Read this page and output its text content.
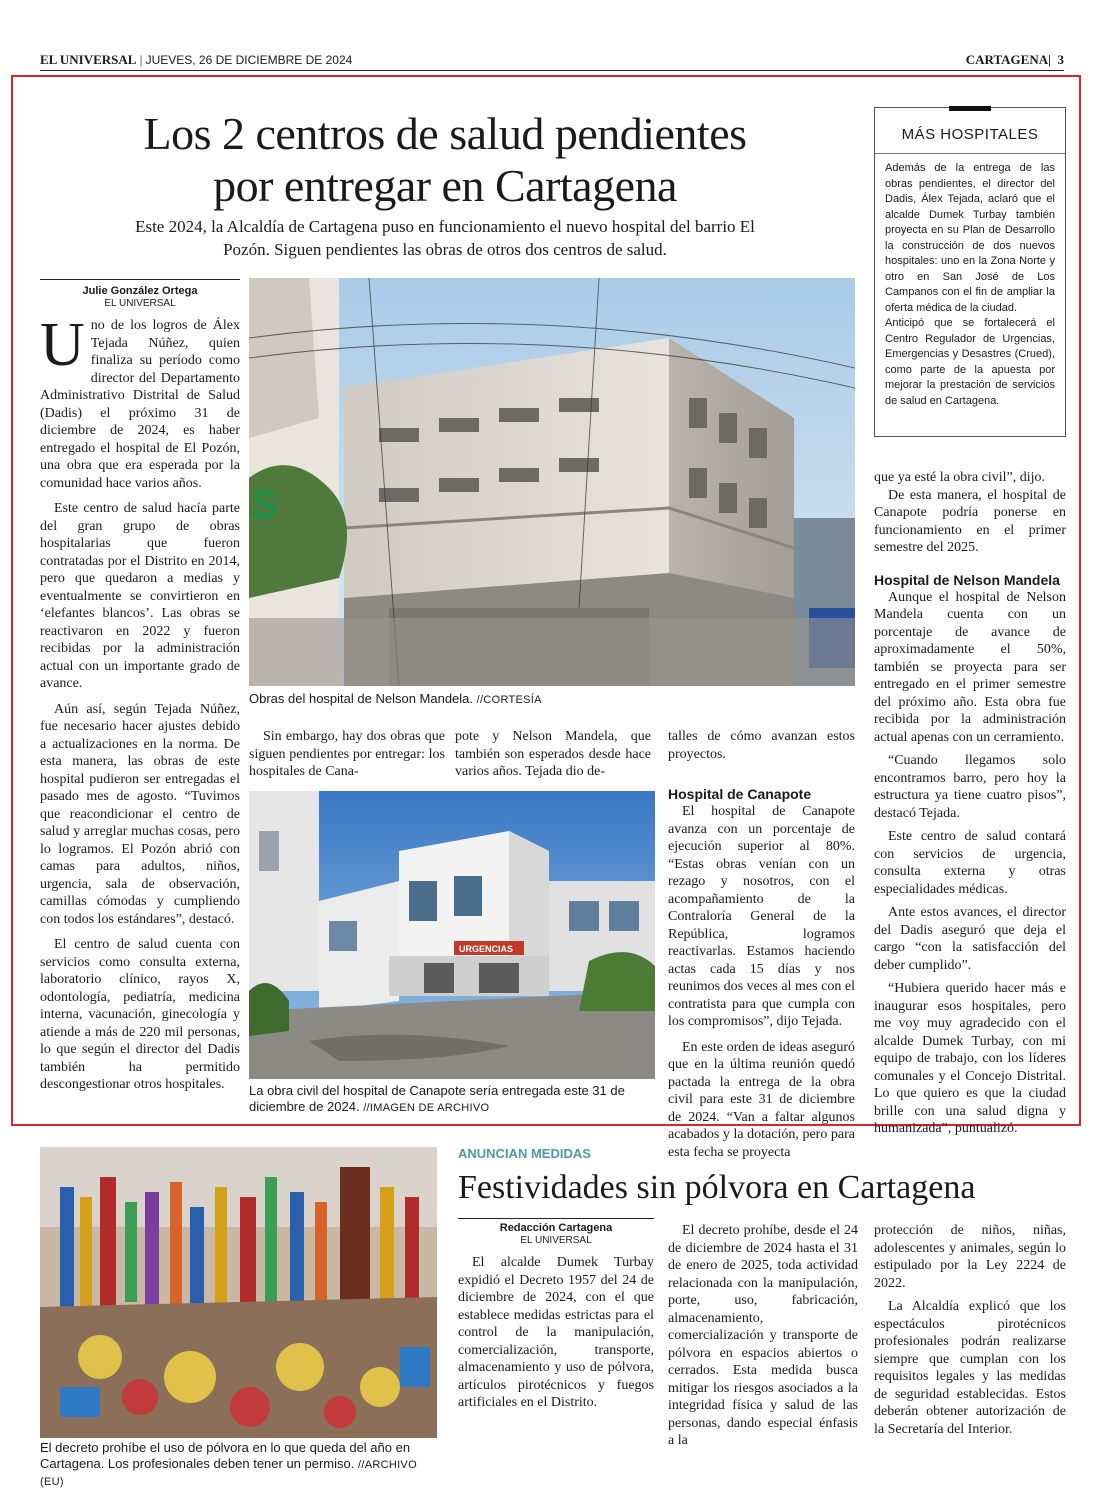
EL UNIVERSAL | JUEVES, 26 DE DICIEMBRE DE 2024	CARTAGENA|  3
Los 2 centros de salud pendientes
por entregar en Cartagena
Este 2024, la Alcaldía de Cartagena puso en funcionamiento el nuevo hospital del barrio El Pozón. Siguen pendientes las obras de otros dos centros de salud.
Julie González Ortega
EL UNIVERSAL

Uno de los logros de Álex Tejada Núñez, quien finaliza su período como director del Departamento Administrativo Distrital de Salud (Dadis) el próximo 31 de diciembre de 2024, es haber entregado el hospital de El Pozón, una obra que era esperada por la comunidad hace varios años.

Este centro de salud hacía parte del gran grupo de obras hospitalarias que fueron contratadas por el Distrito en 2014, pero que quedaron a medias y eventualmente se convirtieron en ‘elefantes blancos’. Las obras se reactivaron en 2022 y fueron recibidas por la administración actual con un importante grado de avance.

Aún así, según Tejada Núñez, fue necesario hacer ajustes debido a actualizaciones en la norma. De esta manera, las obras de este hospital pudieron ser entregadas el pasado mes de agosto. “Tuvimos que reacondicionar el centro de salud y arreglar muchas cosas, pero lo logramos. El Pozón abrió con camas para adultos, niños, urgencia, sala de observación, camillas cómodas y cumpliendo con todos los estándares”, destacó.

El centro de salud cuenta con servicios como consulta externa, laboratorio clínico, rayos X, odontología, pediatría, medicina interna, vacunación, ginecología y atiende a más de 220 mil personas, lo que según el director del Dadis también ha permitido descongestionar otros hospitales.

S
Obras del hospital de Nelson Mandela. //CORTESÍA

Sin embargo, hay dos obras que siguen pendientes por entregar: los hospitales de Cana-

pote y Nelson Mandela, que también son esperados desde hace varios años. Tejada dio de-

URGENCIAS
La obra civil del hospital de Canapote sería entregada este 31 de diciembre de 2024. //IMAGEN DE ARCHIVO

talles de cómo avanzan estos proyectos.

Hospital de Canapote

El hospital de Canapote avanza con un porcentaje de ejecución superior al 80%. “Estas obras venían con un rezago y nosotros, con el acompañamiento de la Contraloría General de la República, logramos reactivarlas. Estamos haciendo actas cada 15 días y nos reunimos dos veces al mes con el contratista para que cumpla con los compromisos”, dijo Tejada.

En este orden de ideas aseguró que en la última reunión quedó pactada la entrega de la obra civil para este 31 de diciembre de 2024. “Van a faltar algunos acabados y la dotación, pero para esta fecha se proyecta

MÁS HOSPITALES

Además de la entrega de las obras pendientes, el director del Dadis, Álex Tejada, aclaró que el alcalde Dumek Turbay también proyecta en su Plan de Desarrollo la construcción de dos nuevos hospitales: uno en la Zona Norte y otro en San José de Los Campanos con el fin de ampliar la oferta médica de la ciudad.

Anticipó que se fortalecerá el Centro Regulador de Urgencias, Emergencias y Desastres (Crued), como parte de la apuesta por mejorar la prestación de servicios de salud en Cartagena.

que ya esté la obra civil”, dijo.

De esta manera, el hospital de Canapote podría ponerse en funcionamiento en el primer semestre del 2025.

Hospital de Nelson Mandela

Aunque el hospital de Nelson Mandela cuenta con un porcentaje de avance de aproximadamente el 50%, también se proyecta para ser entregado en el primer semestre del próximo año. Esta obra fue recibida por la administración actual apenas con un cerramiento.

“Cuando llegamos solo encontramos barro, pero hoy la estructura ya tiene cuatro pisos”, destacó Tejada.

Este centro de salud contará con servicios de urgencia, consulta externa y otras especialidades médicas.

Ante estos avances, el director del Dadis aseguró que deja el cargo “con la satisfacción del deber cumplido”.

“Hubiera querido hacer más e inaugurar esos hospitales, pero me voy muy agradecido con el alcalde Dumek Turbay, con mi equipo de trabajo, con los líderes comunales y el Concejo Distrital. Lo que quiero es que la ciudad brille con una salud digna y humanizada”, puntualizó.

El decreto prohíbe el uso de pólvora en lo que queda del año en Cartagena. Los profesionales deben tener un permiso. //ARCHIVO (EU)
ANUNCIAN MEDIDAS
Festividades sin pólvora en Cartagena
Redacción Cartagena
EL UNIVERSAL

El alcalde Dumek Turbay expidió el Decreto 1957 del 24 de diciembre de 2024, con el que establece medidas estrictas para el control de la manipulación, comercialización, transporte, almacenamiento y uso de pólvora, artículos pirotécnicos y fuegos artificiales en el Distrito.

El decreto prohíbe, desde el 24 de diciembre de 2024 hasta el 31 de enero de 2025, toda actividad relacionada con la manipulación, porte, uso, fabricación, almacenamiento, comercialización y transporte de pólvora en espacios abiertos o cerrados. Esta medida busca mitigar los riesgos asociados a la integridad física y salud de las personas, dando especial énfasis a la

protección de niños, niñas, adolescentes y animales, según lo estipulado por la Ley 2224 de 2022.

La Alcaldía explicó que los espectáculos pirotécnicos profesionales podrán realizarse siempre que cumplan con los requisitos legales y las medidas de seguridad establecidas. Estos deberán obtener autorización de la Secretaría del Interior.
